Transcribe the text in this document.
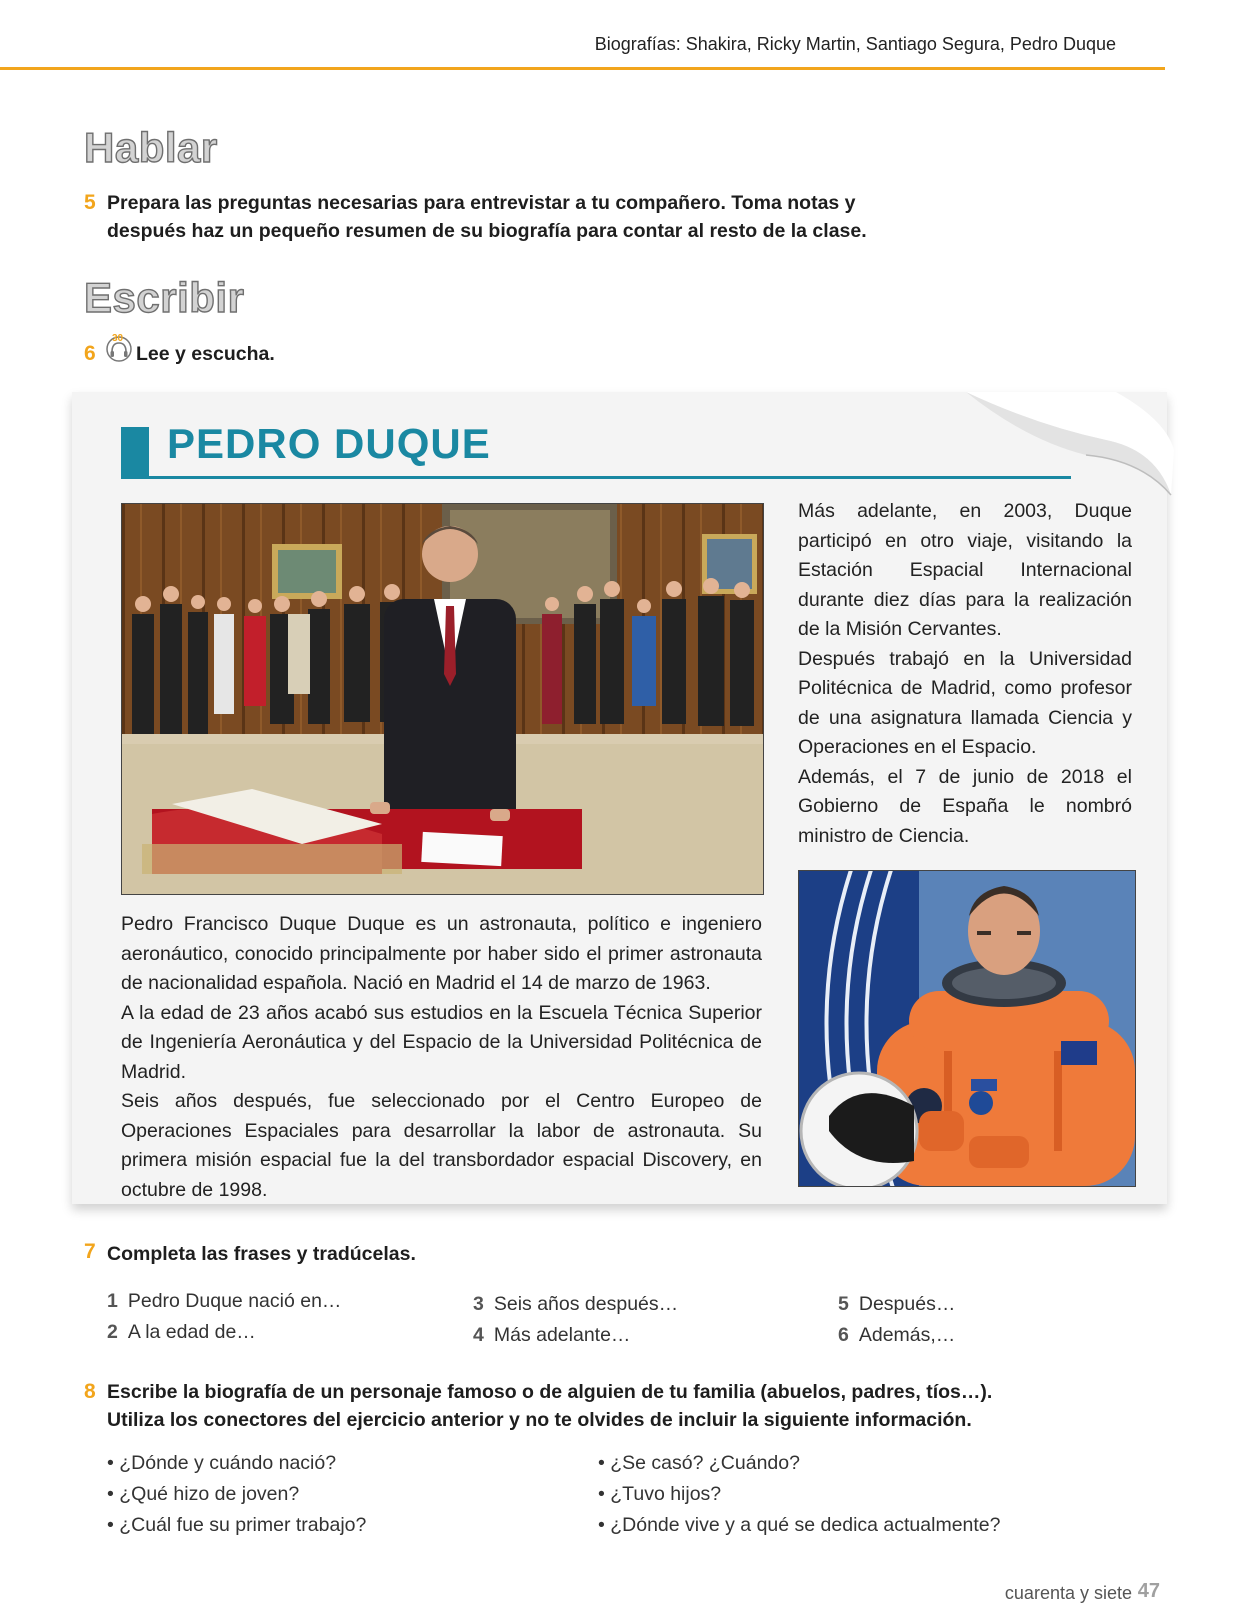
Biografías: Shakira, Ricky Martin, Santiago Segura, Pedro Duque
Hablar
5 Prepara las preguntas necesarias para entrevistar a tu compañero. Toma notas y
después haz un pequeño resumen de su biografía para contar al resto de la clase.
Escribir
6
30
Lee y escucha.
PEDRO DUQUE

Pedro Francisco Duque Duque es un astronauta, político e ingeniero aeronáutico, conocido principalmente por haber sido el primer astronauta de nacionalidad española. Nació en Madrid el 14 de marzo de 1963.

A la edad de 23 años acabó sus estudios en la Escuela Técnica Superior de Ingeniería Aeronáutica y del Espacio de la Universidad Politécnica de Madrid.

Seis años después, fue seleccionado por el Centro Europeo de Operaciones Espaciales para desarrollar la labor de astronauta. Su primera misión espacial fue la del transbordador espacial Discovery, en octubre de 1998.

Más adelante, en 2003, Duque participó en otro viaje, visitando la Estación Espacial Internacional durante diez días para la realización de la Misión Cervantes.

Después trabajó en la Universidad Politécnica de Madrid, como profesor de una asignatura llamada Ciencia y Operaciones en el Espacio.

Además, el 7 de junio de 2018 el Gobierno de España le nombró ministro de Ciencia.

7 Completa las frases y tradúcelas.
1 Pedro Duque nació en…
2 A la edad de…
3 Seis años después…
4 Más adelante…
5 Después…
6 Además,…
8 Escribe la biografía de un personaje famoso o de alguien de tu familia (abuelos, padres, tíos…).
Utiliza los conectores del ejercicio anterior y no te olvides de incluir la siguiente información.
• ¿Dónde y cuándo nació?
• ¿Qué hizo de joven?
• ¿Cuál fue su primer trabajo?
• ¿Se casó? ¿Cuándo?
• ¿Tuvo hijos?
• ¿Dónde vive y a qué se dedica actualmente?
cuarenta y siete 47
